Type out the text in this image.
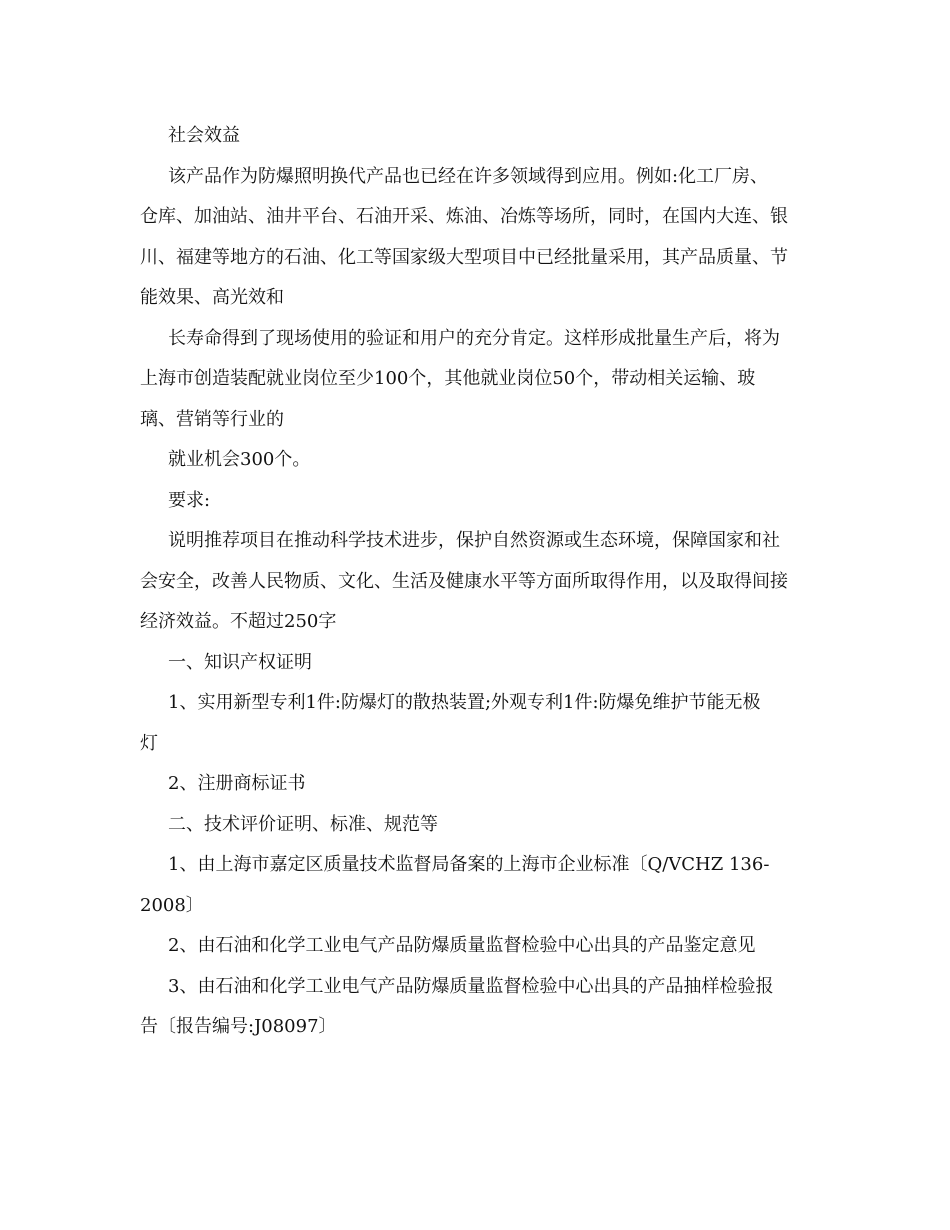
社会效益

该产品作为防爆照明换代产品也已经在许多领域得到应用。例如:化工厂房、
仓库、加油站、油井平台、石油开采、炼油、冶炼等场所，同时，在国内大连、银
川、福建等地方的石油、化工等国家级大型项目中已经批量采用，其产品质量、节
能效果、高光效和

长寿命得到了现场使用的验证和用户的充分肯定。这样形成批量生产后，将为
上海市创造装配就业岗位至少100个，其他就业岗位50个，带动相关运输、玻
璃、营销等行业的

就业机会300个。

要求:

说明推荐项目在推动科学技术进步，保护自然资源或生态环境，保障国家和社
会安全，改善人民物质、文化、生活及健康水平等方面所取得作用，以及取得间接
经济效益。不超过250字

一、知识产权证明

1、实用新型专利1件:防爆灯的散热装置;外观专利1件:防爆免维护节能无极
灯

2、注册商标证书

二、技术评价证明、标准、规范等

1、由上海市嘉定区质量技术监督局备案的上海市企业标准〔Q/VCHZ 136-
2008〕

2、由石油和化学工业电气产品防爆质量监督检验中心出具的产品鉴定意见

3、由石油和化学工业电气产品防爆质量监督检验中心出具的产品抽样检验报
告〔报告编号:J08097〕
